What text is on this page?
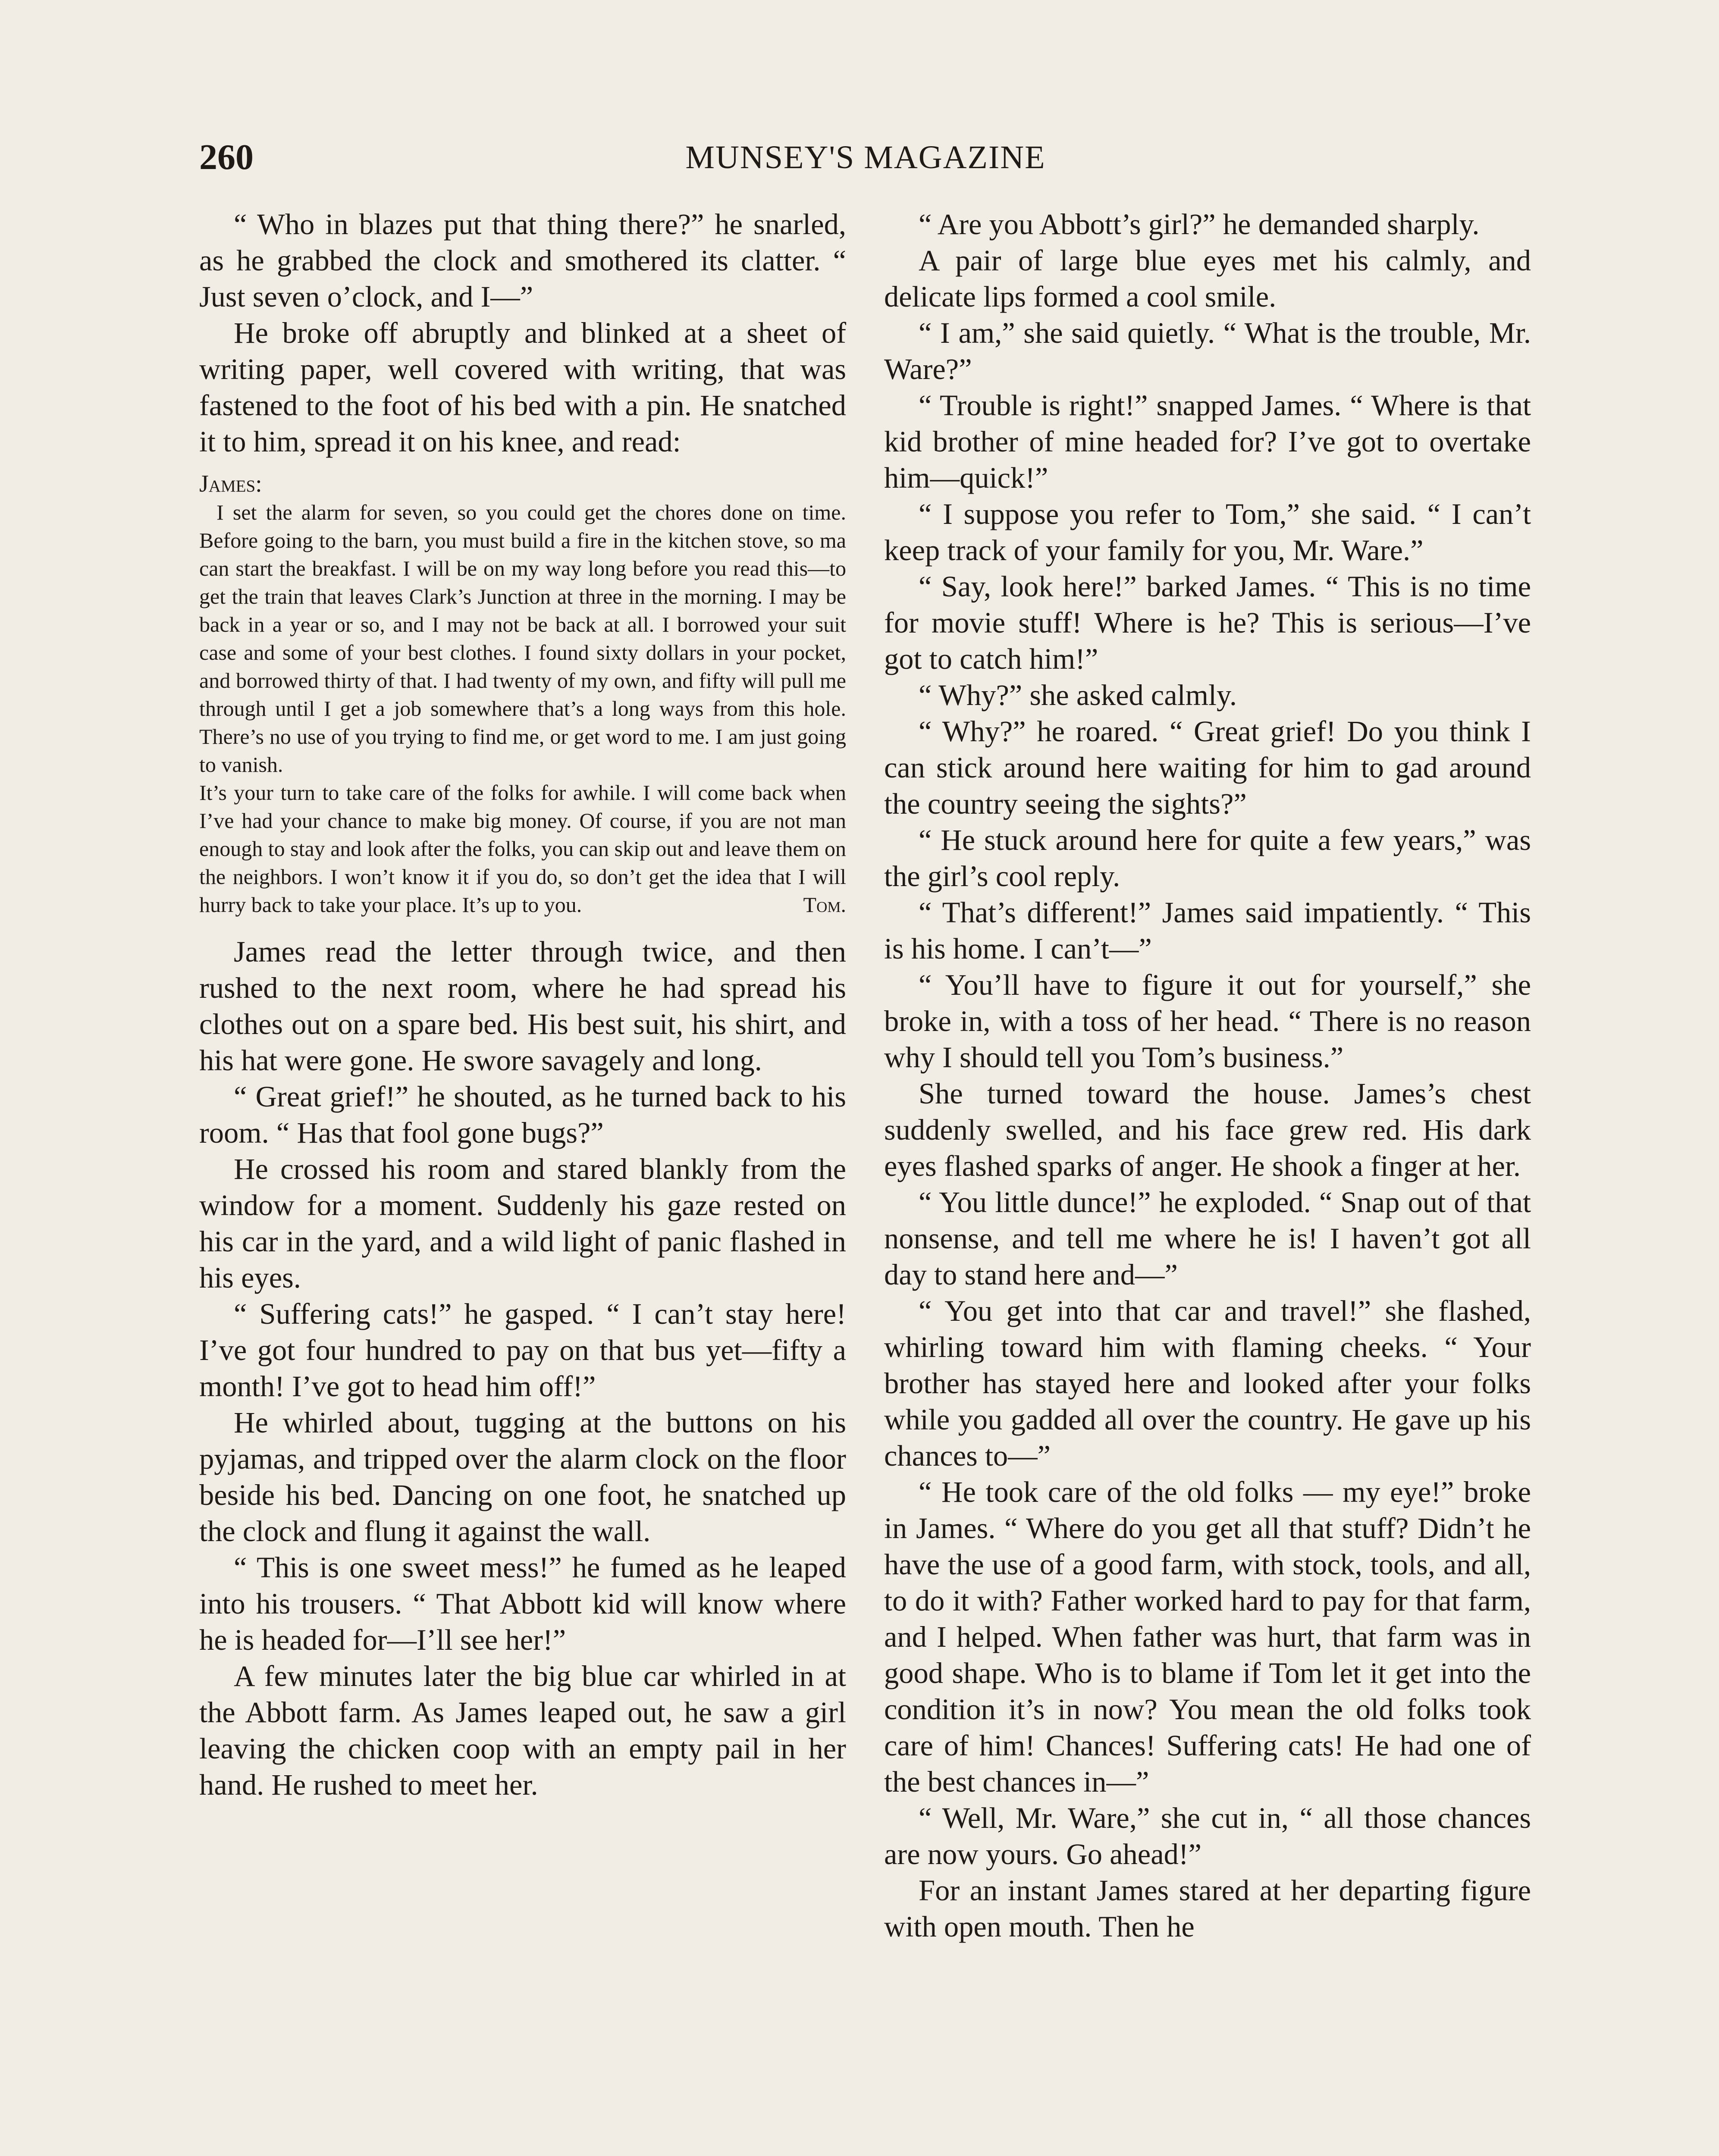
260	MUNSEY'S MAGAZINE

“ Who in blazes put that thing there?” he snarled, as he grabbed the clock and smothered its clatter. “ Just seven o’clock, and I—”

He broke off abruptly and blinked at a sheet of writing paper, well covered with writing, that was fastened to the foot of his bed with a pin. He snatched it to him, spread it on his knee, and read:

James:

I set the alarm for seven, so you could get the chores done on time. Before going to the barn, you must build a fire in the kitchen stove, so ma can start the breakfast. I will be on my way long before you read this—to get the train that leaves Clark’s Junction at three in the morning. I may be back in a year or so, and I may not be back at all. I borrowed your suit case and some of your best clothes. I found sixty dollars in your pocket, and borrowed thirty of that. I had twenty of my own, and fifty will pull me through until I get a job somewhere that’s a long ways from this hole. There’s no use of you trying to find me, or get word to me. I am just going to vanish.

It’s your turn to take care of the folks for awhile. I will come back when I’ve had your chance to make big money. Of course, if you are not man enough to stay and look after the folks, you can skip out and leave them on the neighbors. I won’t know it if you do, so don’t get the idea that I will hurry back to take your place. It’s up to you.	Tom.

James read the letter through twice, and then rushed to the next room, where he had spread his clothes out on a spare bed. His best suit, his shirt, and his hat were gone. He swore savagely and long.

“ Great grief!” he shouted, as he turned back to his room. “ Has that fool gone bugs?”

He crossed his room and stared blankly from the window for a moment. Suddenly his gaze rested on his car in the yard, and a wild light of panic flashed in his eyes.

“ Suffering cats!” he gasped. “ I can’t stay here! I’ve got four hundred to pay on that bus yet—fifty a month! I’ve got to head him off!”

He whirled about, tugging at the buttons on his pyjamas, and tripped over the alarm clock on the floor beside his bed. Dancing on one foot, he snatched up the clock and flung it against the wall.

“ This is one sweet mess!” he fumed as he leaped into his trousers. “ That Abbott kid will know where he is headed for—I’ll see her!”

A few minutes later the big blue car whirled in at the Abbott farm. As James leaped out, he saw a girl leaving the chicken coop with an empty pail in her hand. He rushed to meet her.

“ Are you Abbott’s girl?” he demanded sharply.

A pair of large blue eyes met his calmly, and delicate lips formed a cool smile.

“ I am,” she said quietly. “ What is the trouble, Mr. Ware?”

“ Trouble is right!” snapped James. “ Where is that kid brother of mine headed for? I’ve got to overtake him—quick!”

“ I suppose you refer to Tom,” she said. “ I can’t keep track of your family for you, Mr. Ware.”

“ Say, look here!” barked James. “ This is no time for movie stuff! Where is he? This is serious—I’ve got to catch him!”

“ Why?” she asked calmly.

“ Why?” he roared. “ Great grief! Do you think I can stick around here waiting for him to gad around the country seeing the sights?”

“ He stuck around here for quite a few years,” was the girl’s cool reply.

“ That’s different!” James said impatiently. “ This is his home. I can’t—”

“ You’ll have to figure it out for yourself,” she broke in, with a toss of her head. “ There is no reason why I should tell you Tom’s business.”

She turned toward the house. James’s chest suddenly swelled, and his face grew red. His dark eyes flashed sparks of anger. He shook a finger at her.

“ You little dunce!” he exploded. “ Snap out of that nonsense, and tell me where he is! I haven’t got all day to stand here and—”

“ You get into that car and travel!” she flashed, whirling toward him with flaming cheeks. “ Your brother has stayed here and looked after your folks while you gadded all over the country. He gave up his chances to—”

“ He took care of the old folks — my eye!” broke in James. “ Where do you get all that stuff? Didn’t he have the use of a good farm, with stock, tools, and all, to do it with? Father worked hard to pay for that farm, and I helped. When father was hurt, that farm was in good shape. Who is to blame if Tom let it get into the condition it’s in now? You mean the old folks took care of him! Chances! Suffering cats! He had one of the best chances in—”

“ Well, Mr. Ware,” she cut in, “ all those chances are now yours. Go ahead!”

For an instant James stared at her departing figure with open mouth. Then he
